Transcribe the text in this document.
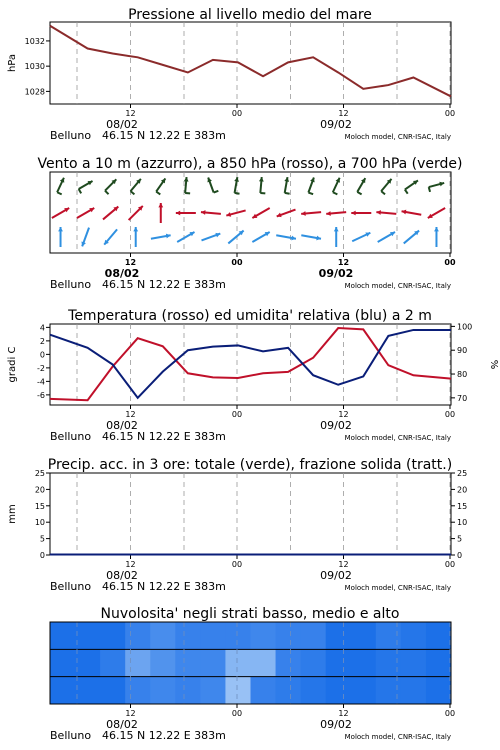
Pressione al livello medio del mare
12	00	12	00
08/02	09/02
Belluno 46.15 N 12.22 E 383m	Moloch model, CNR-ISAC, Italy
1028
1030
1032
hPa
Vento a 10 m (azzurro), a 850 hPa (rosso), a 700 hPa (verde)
12	00	12	00
08/02	09/02
Belluno 46.15 N 12.22 E 383m	Moloch model, CNR-ISAC, Italy
Temperatura (rosso) ed umidita' relativa (blu) a 2 m
12	00	12	00
08/02	09/02
Belluno 46.15 N 12.22 E 383m	Moloch model, CNR-ISAC, Italy
4
2
0
-2
-4
-6
100
90
80
70
gradi C	%
Precip. acc. in 3 ore: totale (verde), frazione solida (tratt.)
12	00	12	00
08/02	09/02
Belluno 46.15 N 12.22 E 383m	Moloch model, CNR-ISAC, Italy
25	25
20	20
15	15
10	10
5	5
0	0
mm
Nuvolosita' negli strati basso, medio e alto
12	00	12	00
08/02	09/02
Belluno 46.15 N 12.22 E 383m	Moloch model, CNR-ISAC, Italy
